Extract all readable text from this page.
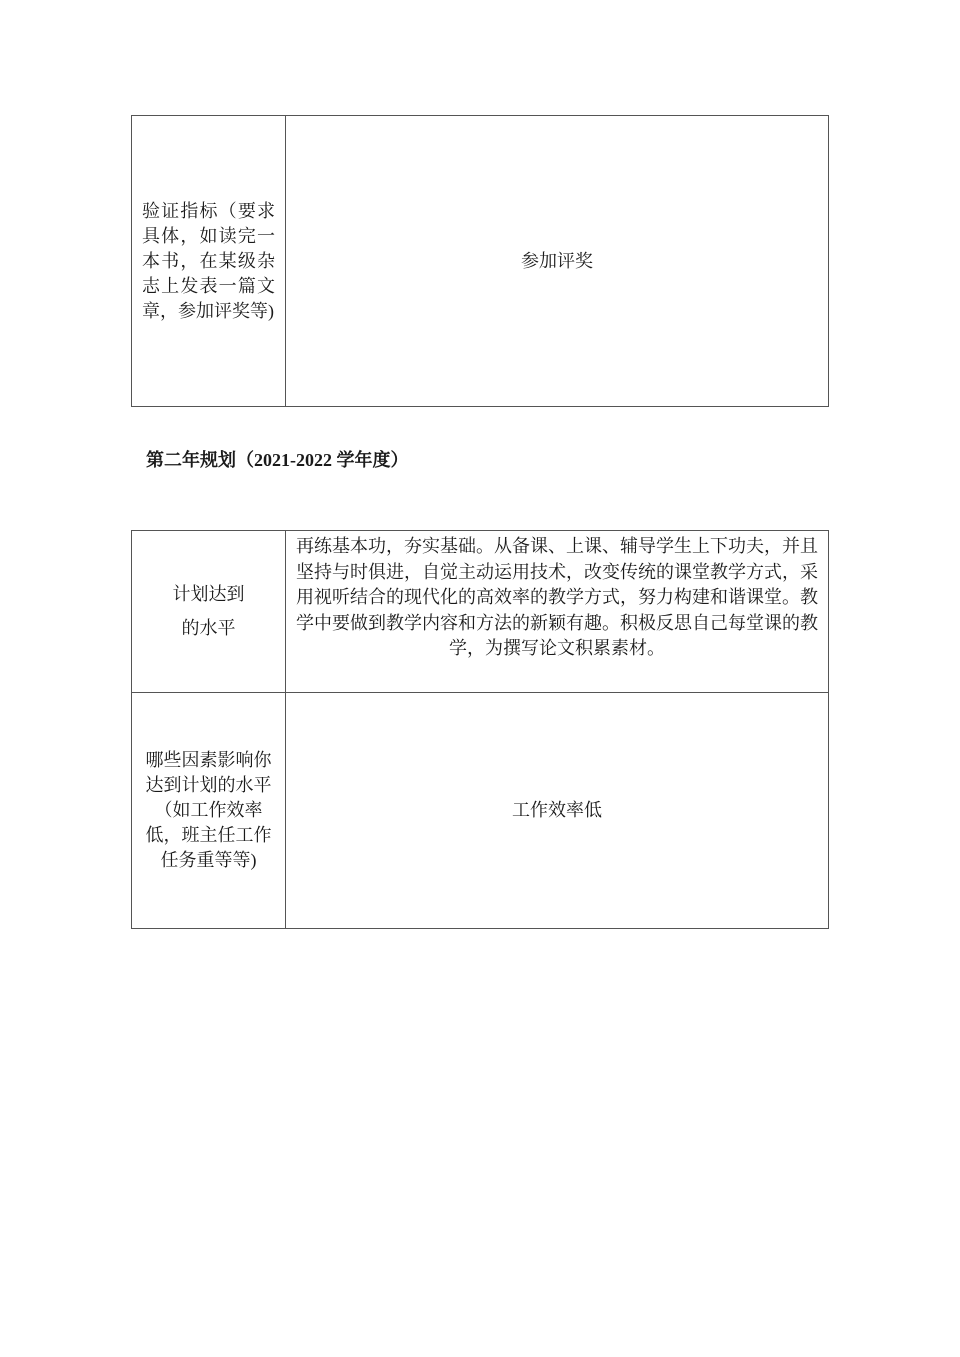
验证指标（要求具体，如读完一本书，在某级杂志上发表一篇文章，参加评奖等)
参加评奖
第二年规划（2021-2022 学年度）
计划达到
的水平
再练基本功，夯实基础。从备课、上课、辅导学生上下功夫，并且坚持与时俱进，自觉主动运用技术，改变传统的课堂教学方式，采用视听结合的现代化的高效率的教学方式，努力构建和谐课堂。教学中要做到教学内容和方法的新颖有趣。积极反思自己每堂课的教学，为撰写论文积累素材。
哪些因素影响你达到计划的水平（如工作效率低，班主任工作任务重等等)
工作效率低
